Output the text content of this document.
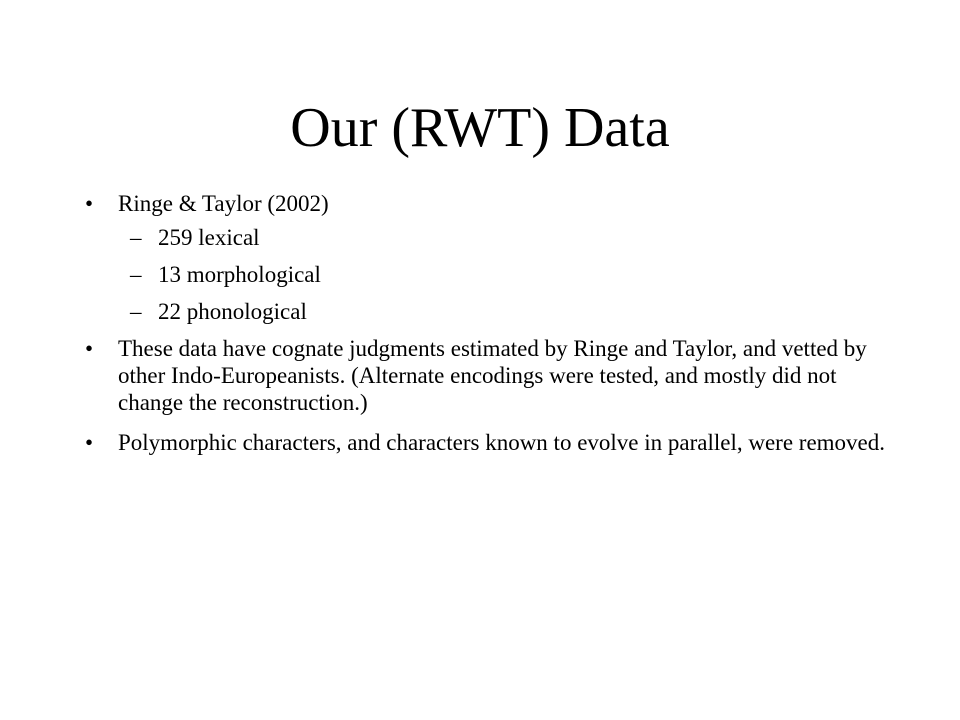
Our (RWT) Data
• Ringe & Taylor (2002)
– 259 lexical
– 13 morphological
– 22 phonological
• These data have cognate judgments estimated by Ringe and Taylor, and vetted by other Indo-Europeanists. (Alternate encodings were tested, and mostly did not change the reconstruction.)
• Polymorphic characters, and characters known to evolve in parallel, were removed.
